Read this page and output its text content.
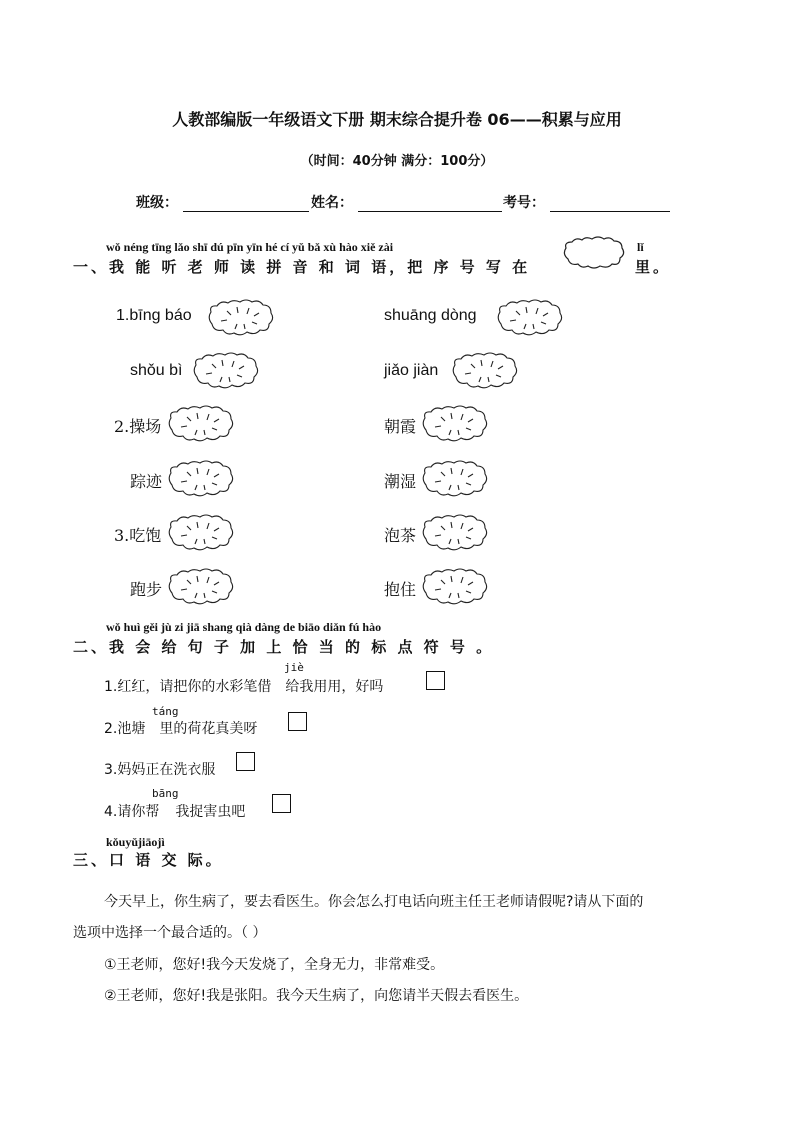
人教部编版一年级语文下册 期末综合提升卷 06——积累与应用
（时间：40分钟 满分：100分）
班级：	姓名：	考号：
wǒ néng tīng lǎo shī dú pīn yīn hé cí yǔ bǎ xù hào xiě zài	lǐ
一、我 能 听 老 师 读 拼 音 和 词 语，把 序 号 写 在	里。
1.bīng báo	shuāng dòng
shǒu bì	jiǎo jiàn
2.操场	朝霞
踪迹	潮湿
3.吃饱	泡茶
跑步	抱住
wǒ huì gěi jù zi jiā shang qià dàng de biāo diǎn fú hào
二、我 会 给 句 子 加 上 恰 当 的 标 点 符 号 。
jiè
1.红红，请把你的水彩笔借 给我用用，好吗
táng
2.池塘 里的荷花真美呀
3.妈妈正在洗衣服
bāng
4.请你帮 我捉害虫吧
kǒuyǔjiāojì
三、口 语 交 际。
今天早上，你生病了，要去看医生。你会怎么打电话向班主任王老师请假呢?请从下面的
选项中选择一个最合适的。（ ）
①王老师，您好!我今天发烧了，全身无力，非常难受。
②王老师，您好!我是张阳。我今天生病了，向您请半天假去看医生。
